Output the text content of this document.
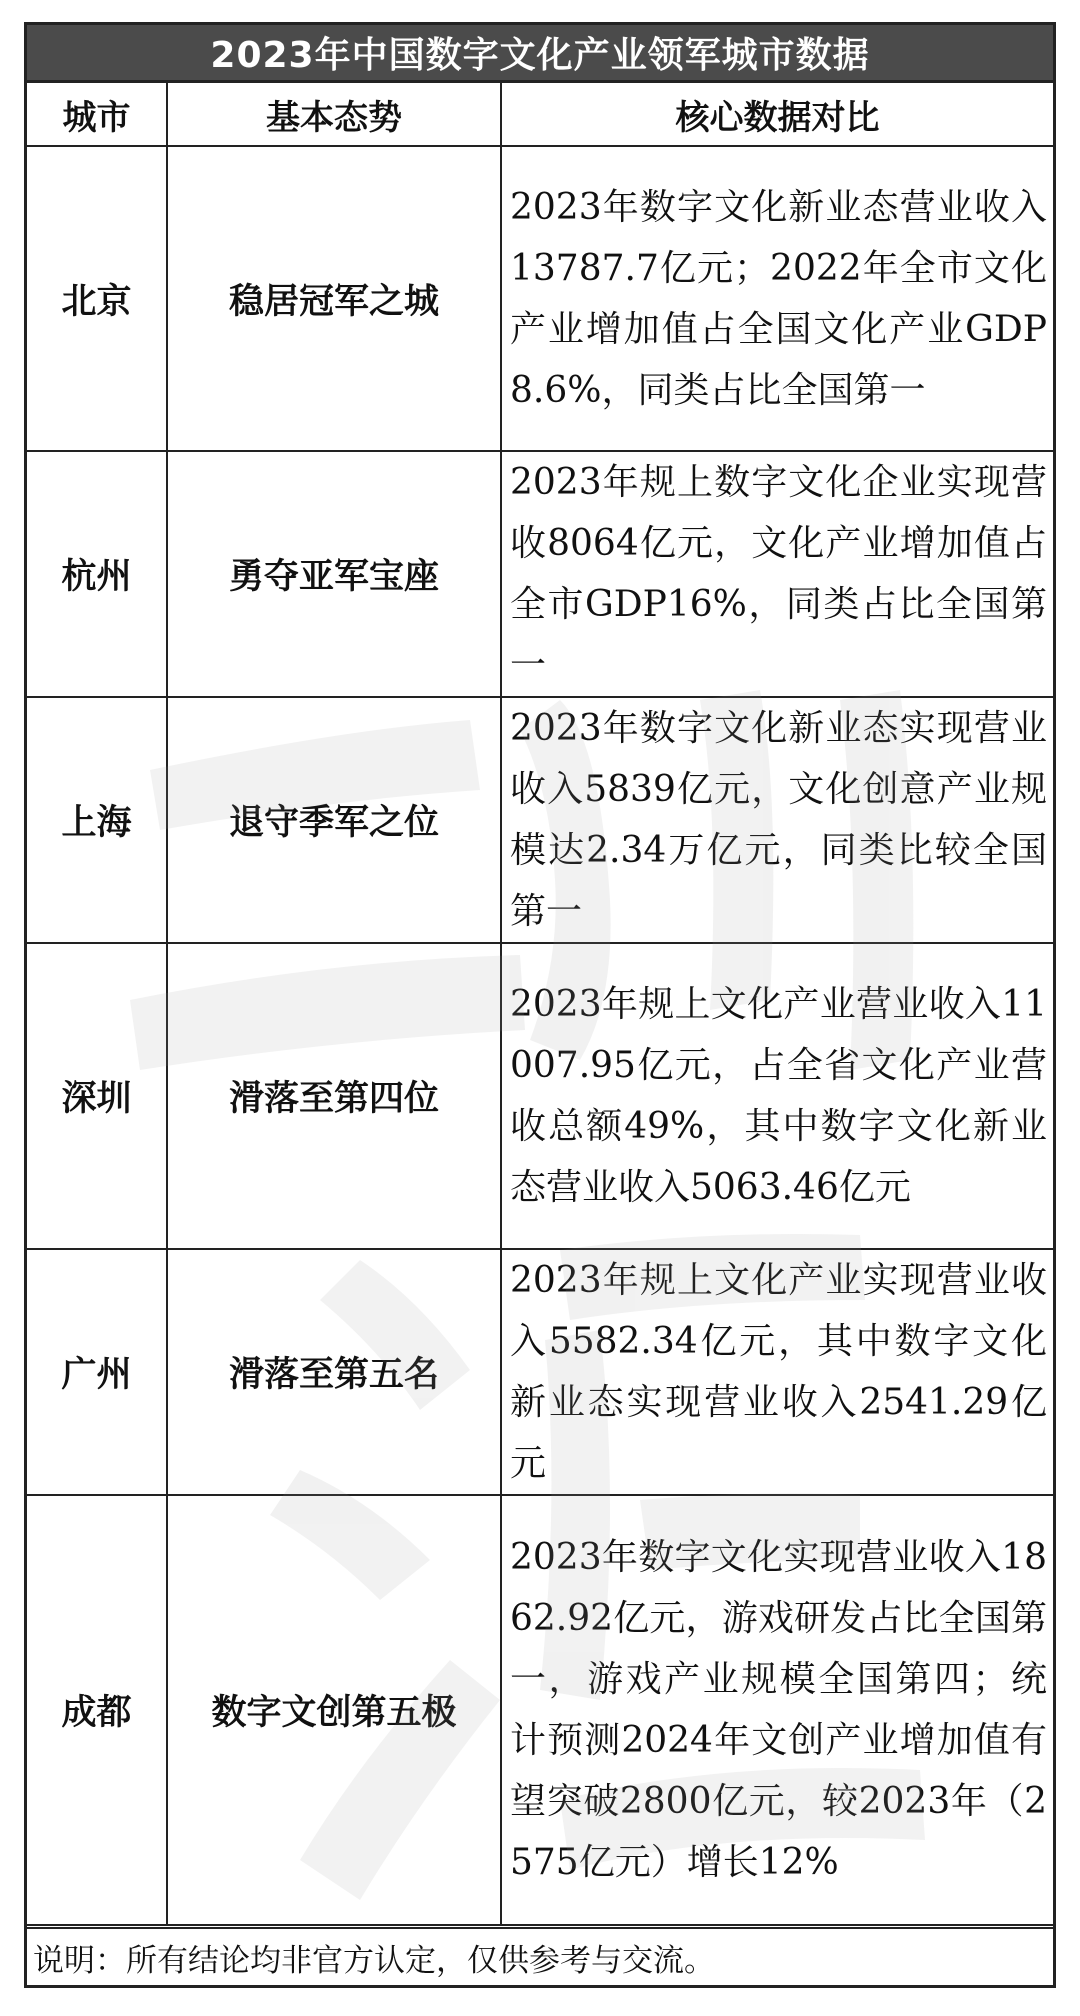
2023年中国数字文化产业领军城市数据
城市	基本态势	核心数据对比
北京	稳居冠军之城	2023年数字文化新业态营业收入13787.7亿元；2022年全市文化产业增加值占全国文化产业GDP8.6%，同类占比全国第一
杭州	勇夺亚军宝座	2023年规上数字文化企业实现营收8064亿元，文化产业增加值占全市GDP16%，同类占比全国第一
上海	退守季军之位	2023年数字文化新业态实现营业收入5839亿元，文化创意产业规模达2.34万亿元，同类比较全国第一
深圳	滑落至第四位	2023年规上文化产业营业收入11007.95亿元，占全省文化产业营收总额49%，其中数字文化新业态营业收入5063.46亿元
广州	滑落至第五名	2023年规上文化产业实现营业收入5582.34亿元，其中数字文化新业态实现营业收入2541.29亿元
成都	数字文创第五极	2023年数字文化实现营业收入1862.92亿元，游戏研发占比全国第一，游戏产业规模全国第四；统计预测2024年文创产业增加值有望突破2800亿元，较2023年（2575亿元）增长12%
说明：所有结论均非官方认定，仅供参考与交流。
